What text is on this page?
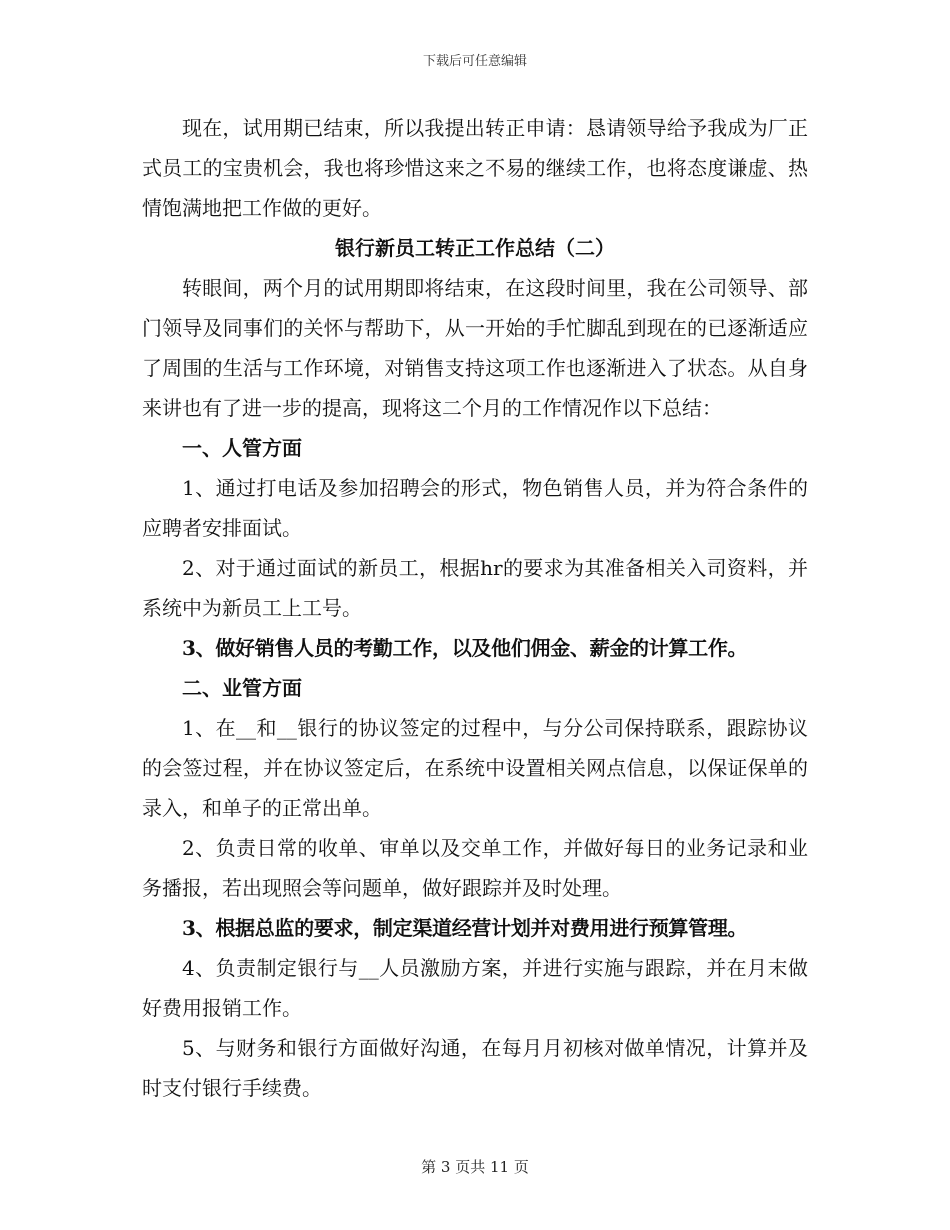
下载后可任意编辑

现在，试用期已结束，所以我提出转正申请：恳请领导给予我成为厂正式员工的宝贵机会，我也将珍惜这来之不易的继续工作，也将态度谦虚、热情饱满地把工作做的更好。

银行新员工转正工作总结（二）

转眼间，两个月的试用期即将结束，在这段时间里，我在公司领导、部门领导及同事们的关怀与帮助下，从一开始的手忙脚乱到现在的已逐渐适应了周围的生活与工作环境，对销售支持这项工作也逐渐进入了状态。从自身来讲也有了进一步的提高，现将这二个月的工作情况作以下总结：

一、人管方面

1、通过打电话及参加招聘会的形式，物色销售人员，并为符合条件的应聘者安排面试。

2、对于通过面试的新员工，根据hr的要求为其准备相关入司资料，并系统中为新员工上工号。

3、做好销售人员的考勤工作，以及他们佣金、薪金的计算工作。

二、业管方面

1、在__和__银行的协议签定的过程中，与分公司保持联系，跟踪协议的会签过程，并在协议签定后，在系统中设置相关网点信息，以保证保单的录入，和单子的正常出单。

2、负责日常的收单、审单以及交单工作，并做好每日的业务记录和业务播报，若出现照会等问题单，做好跟踪并及时处理。

3、根据总监的要求，制定渠道经营计划并对费用进行预算管理。

4、负责制定银行与__人员激励方案，并进行实施与跟踪，并在月末做好费用报销工作。

5、与财务和银行方面做好沟通，在每月月初核对做单情况，计算并及时支付银行手续费。

第 3 页共 11 页
